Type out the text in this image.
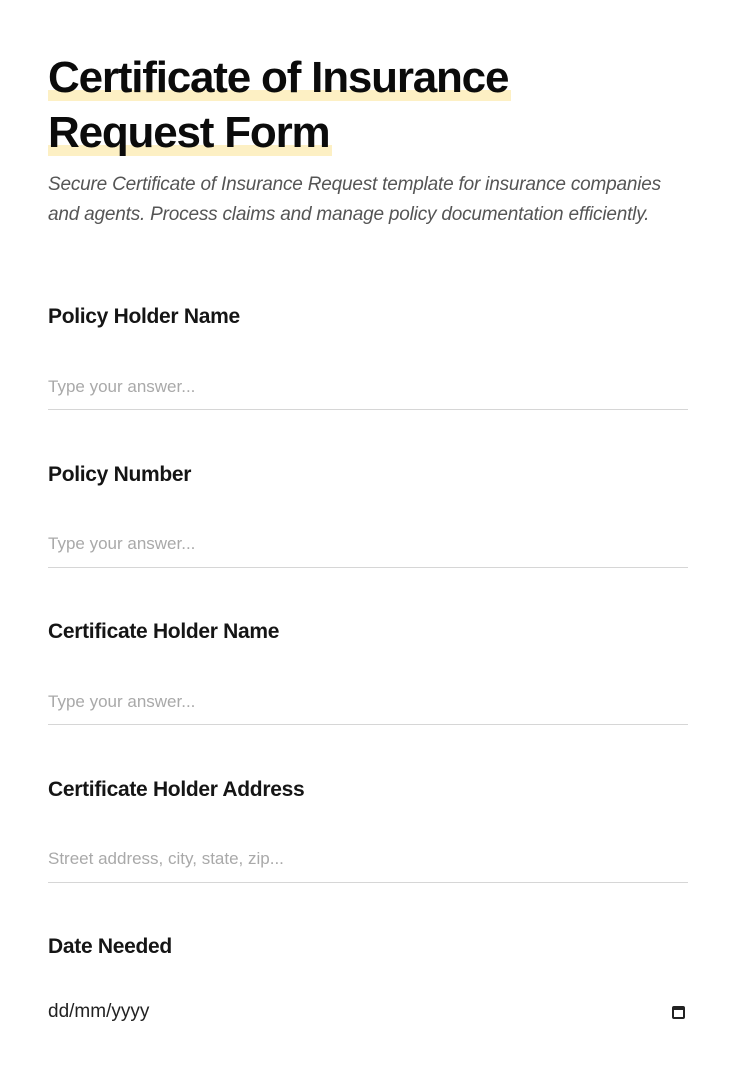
Certificate of Insurance
Request Form

Secure Certificate of Insurance Request template for insurance companies and agents. Process claims and manage policy documentation efficiently.

Policy Holder Name

Type your answer...

Policy Number

Type your answer...

Certificate Holder Name

Type your answer...

Certificate Holder Address

Street address, city, state, zip...

Date Needed

dd/mm/yyyy
